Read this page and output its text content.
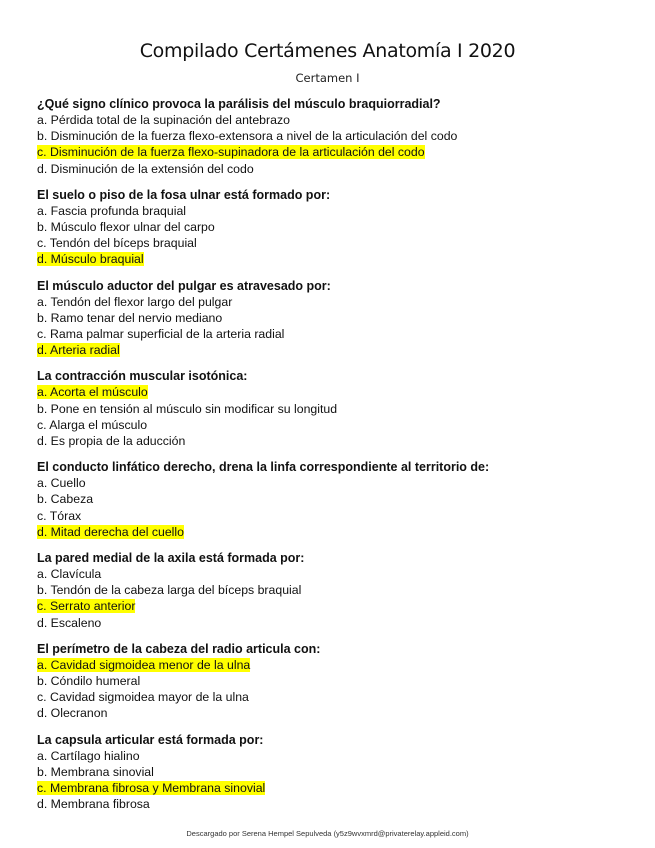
Compilado Certámenes Anatomía I 2020
Certamen I
¿Qué signo clínico provoca la parálisis del músculo braquiorradial?
a. Pérdida total de la supinación del antebrazo
b. Disminución de la fuerza flexo-extensora a nivel de la articulación del codo
c. Disminución de la fuerza flexo-supinadora de la articulación del codo
d. Disminución de la extensión del codo
El suelo o piso de la fosa ulnar está formado por:
a. Fascia profunda braquial
b. Músculo flexor ulnar del carpo
c. Tendón del bíceps braquial
d. Músculo braquial
El músculo aductor del pulgar es atravesado por:
a. Tendón del flexor largo del pulgar
b. Ramo tenar del nervio mediano
c. Rama palmar superficial de la arteria radial
d. Arteria radial
La contracción muscular isotónica:
a. Acorta el músculo
b. Pone en tensión al músculo sin modificar su longitud
c. Alarga el músculo
d. Es propia de la aducción
El conducto linfático derecho, drena la linfa correspondiente al territorio de:
a. Cuello
b. Cabeza
c. Tórax
d. Mitad derecha del cuello
La pared medial de la axila está formada por:
a. Clavícula
b. Tendón de la cabeza larga del bíceps braquial
c. Serrato anterior
d. Escaleno
El perímetro de la cabeza del radio articula con:
a. Cavidad sigmoidea menor de la ulna
b. Cóndilo humeral
c. Cavidad sigmoidea mayor de la ulna
d. Olecranon
La capsula articular está formada por:
a. Cartílago hialino
b. Membrana sinovial
c. Membrana fibrosa y Membrana sinovial
d. Membrana fibrosa
Descargado por Serena Hempel Sepulveda (y5z9wvxmrd@privaterelay.appleid.com)
